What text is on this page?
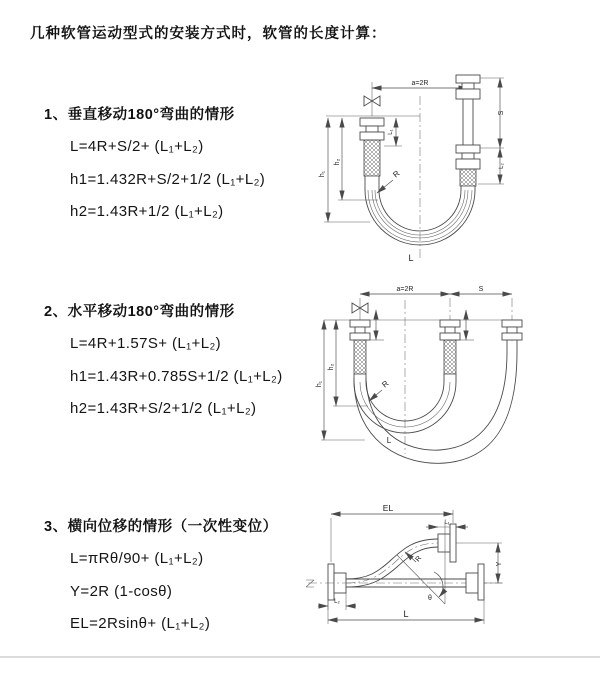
几种软管运动型式的安装方式时，软管的长度计算：
1、垂直移动180°弯曲的情形
L=4R+S/2+ (L₁+L₂)
h1=1.432R+S/2+1/2 (L₁+L₂)
h2=1.43R+1/2 (L₁+L₂)
2、水平移动180°弯曲的情形
L=4R+1.57S+ (L₁+L₂)
h1=1.43R+0.785S+1/2 (L₁+L₂)
h2=1.43R+S/2+1/2 (L₁+L₂)
3、横向位移的情形（一次性变位）
L=πRθ/90+ (L₁+L₂)
Y=2R (1-cosθ)
EL=2Rsinθ+ (L₁+L₂)
a=2R
h₁
h₂
L₁
S
L₂
R
L
a=2R	S
h₁
h₂
R
L
EL
L₁
Y
θ
R
L₂
L
